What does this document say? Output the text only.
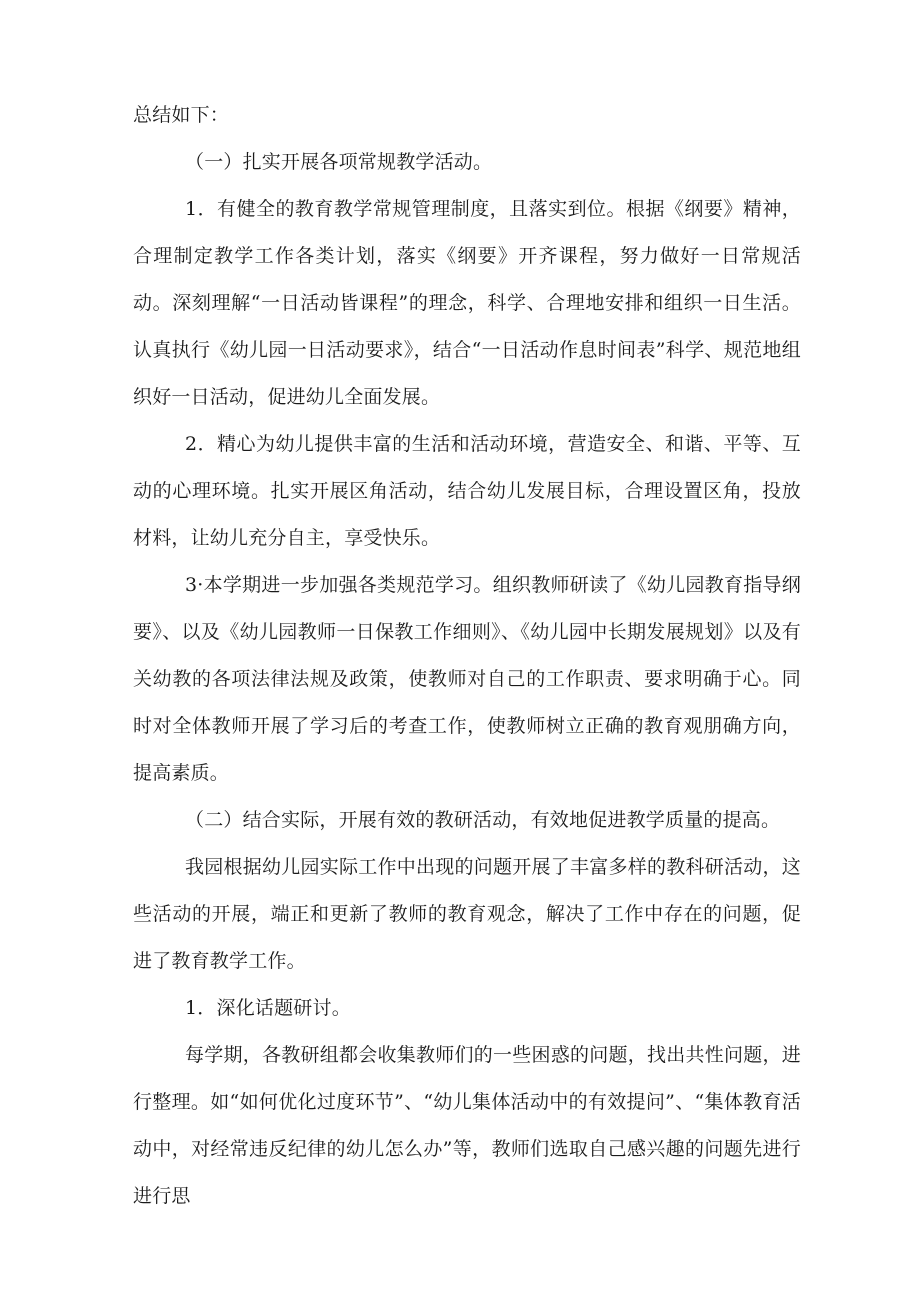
总结如下：

（一）扎实开展各项常规教学活动。

1．有健全的教育教学常规管理制度，且落实到位。根据《纲要》精神，合理制定教学工作各类计划，落实《纲要》开齐课程，努力做好一日常规活动。深刻理解“一日活动皆课程”的理念，科学、合理地安排和组织一日生活。认真执行《幼儿园一日活动要求》，结合“一日活动作息时间表”科学、规范地组织好一日活动，促进幼儿全面发展。

2．精心为幼儿提供丰富的生活和活动环境，营造安全、和谐、平等、互动的心理环境。扎实开展区角活动，结合幼儿发展目标，合理设置区角，投放材料，让幼儿充分自主，享受快乐。

3·本学期进一步加强各类规范学习。组织教师研读了《幼儿园教育指导纲要》、以及《幼儿园教师一日保教工作细则》、《幼儿园中长期发展规划》以及有关幼教的各项法律法规及政策，使教师对自己的工作职责、要求明确于心。同时对全体教师开展了学习后的考查工作，使教师树立正确的教育观朋确方向，提高素质。

（二）结合实际，开展有效的教研活动，有效地促进教学质量的提高。

我园根据幼儿园实际工作中出现的问题开展了丰富多样的教科研活动，这些活动的开展，端正和更新了教师的教育观念，解决了工作中存在的问题，促进了教育教学工作。

1．深化话题研讨。

每学期，各教研组都会收集教师们的一些困惑的问题，找出共性问题，进行整理。如“如何优化过度环节”、“幼儿集体活动中的有效提问”、“集体教育活动中，对经常违反纪律的幼儿怎么办”等，教师们选取自己感兴趣的问题先进行进行思
